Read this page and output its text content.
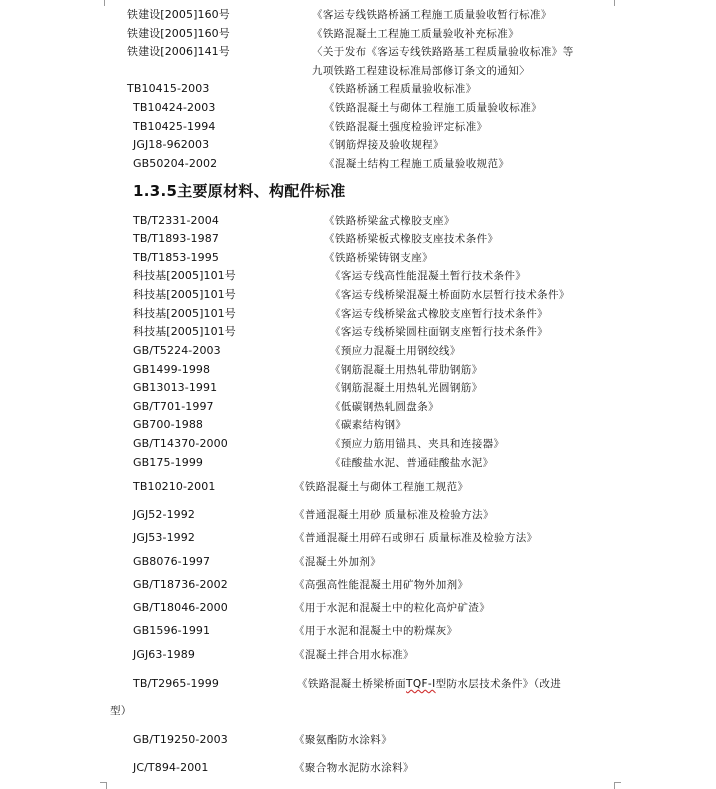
铁建设[2005]160号	《客运专线铁路桥涵工程施工质量验收暂行标准》
铁建设[2005]160号	《铁路混凝土工程施工质量验收补充标准》
铁建设[2006]141号	〈关于发布《客运专线铁路路基工程质量验收标准》等
九项铁路工程建设标准局部修订条文的通知〉
TB10415-2003	《铁路桥涵工程质量验收标准》
TB10424-2003	《铁路混凝土与砌体工程施工质量验收标准》
TB10425-1994	《铁路混凝土强度检验评定标准》
JGJ18-962003	《钢筋焊接及验收规程》
GB50204-2002	《混凝土结构工程施工质量验收规范》
1.3.5主要原材料、构配件标准
TB/T2331-2004	《铁路桥梁盆式橡胶支座》
TB/T1893-1987	《铁路桥梁板式橡胶支座技术条件》
TB/T1853-1995	《铁路桥梁铸钢支座》
科技基[2005]101号	《客运专线高性能混凝土暂行技术条件》
科技基[2005]101号	《客运专线桥梁混凝土桥面防水层暂行技术条件》
科技基[2005]101号	《客运专线桥梁盆式橡胶支座暂行技术条件》
科技基[2005]101号	《客运专线桥梁圆柱面钢支座暂行技术条件》
GB/T5224-2003	《预应力混凝土用钢绞线》
GB1499-1998	《钢筋混凝土用热轧带肋钢筋》
GB13013-1991	《钢筋混凝土用热轧光圆钢筋》
GB/T701-1997	《低碳钢热轧圆盘条》
GB700-1988	《碳素结构钢》
GB/T14370-2000	《预应力筋用锚具、夹具和连接器》
GB175-1999	《硅酸盐水泥、普通硅酸盐水泥》
TB10210-2001	《铁路混凝土与砌体工程施工规范》
JGJ52-1992	《普通混凝土用砂 质量标准及检验方法》
JGJ53-1992	《普通混凝土用碎石或卵石 质量标准及检验方法》
GB8076-1997	《混凝土外加剂》
GB/T18736-2002	《高强高性能混凝土用矿物外加剂》
GB/T18046-2000	《用于水泥和混凝土中的粒化高炉矿渣》
GB1596-1991	《用于水泥和混凝土中的粉煤灰》
JGJ63-1989	《混凝土拌合用水标准》
TB/T2965-1999	《铁路混凝土桥梁桥面TQF-I型防水层技术条件》（改进
型）
GB/T19250-2003	《聚氨酯防水涂料》
JC/T894-2001	《聚合物水泥防水涂料》
